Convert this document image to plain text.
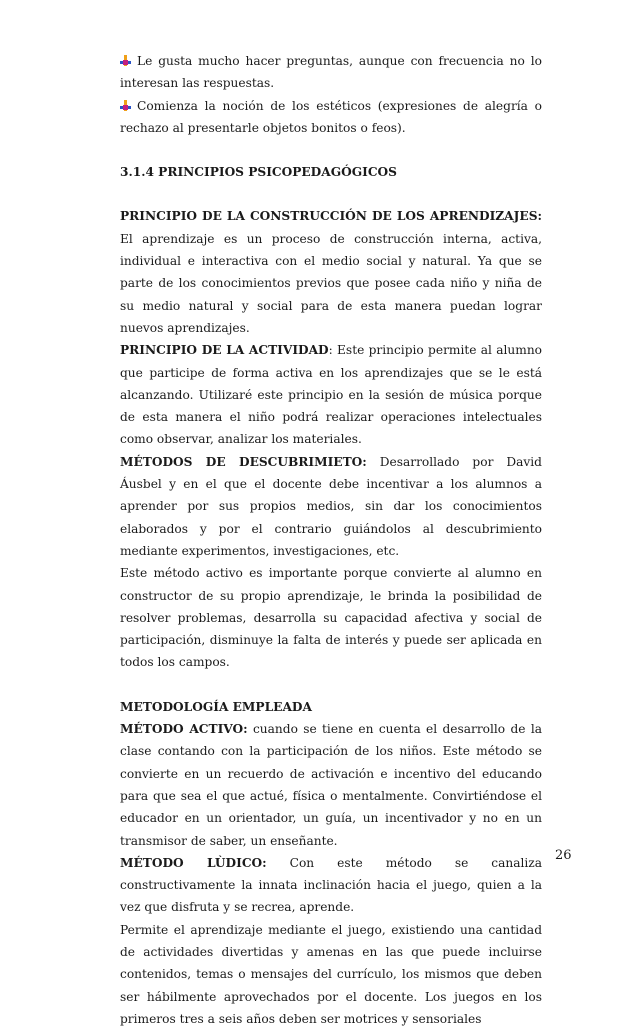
Le gusta mucho hacer preguntas, aunque con frecuencia no lo interesan las respuestas.

Comienza la noción de los estéticos (expresiones de alegría o rechazo al presentarle objetos bonitos o feos).

3.1.4 PRINCIPIOS PSICOPEDAGÓGICOS

PRINCIPIO DE LA CONSTRUCCIÓN DE LOS APRENDIZAJES: El aprendizaje es un proceso de construcción interna, activa, individual e interactiva con el medio social y natural. Ya que se parte de los conocimientos previos que posee cada niño y niña de su medio natural y social para de esta manera puedan lograr nuevos aprendizajes.

PRINCIPIO DE LA ACTIVIDAD: Este principio permite al alumno que participe de forma activa en los aprendizajes que se le está alcanzando. Utilizaré este principio en la sesión de música porque de esta manera el niño podrá realizar operaciones intelectuales como observar, analizar los materiales.

MÉTODOS DE DESCUBRIMIETO: Desarrollado por David Áusbel y en el que el docente debe incentivar a los alumnos a aprender por sus propios medios, sin dar los conocimientos elaborados y por el contrario guiándolos al descubrimiento mediante experimentos, investigaciones, etc.

Este método activo es importante porque convierte al alumno en constructor de su propio aprendizaje, le brinda la posibilidad de resolver problemas, desarrolla su capacidad afectiva y social de participación, disminuye la falta de interés y puede ser aplicada en todos los campos.

METODOLOGÍA EMPLEADA

MÉTODO ACTIVO: cuando se tiene en cuenta el desarrollo de la clase contando con la participación de los niños. Este método se convierte en un recuerdo de activación e incentivo del educando para que sea el que actué, física o mentalmente. Convirtiéndose el educador en un orientador, un guía, un incentivador y no en un transmisor de saber, un enseñante.

MÉTODO LÙDICO: Con este método se canaliza constructivamente la innata inclinación hacia el juego, quien a la vez que disfruta y se recrea, aprende.

Permite el aprendizaje mediante el juego, existiendo una cantidad de actividades divertidas y amenas en las que puede incluirse contenidos, temas o mensajes del currículo, los mismos que deben ser hábilmente aprovechados por el docente. Los juegos en los primeros tres a seis años deben ser motrices y sensoriales

26
